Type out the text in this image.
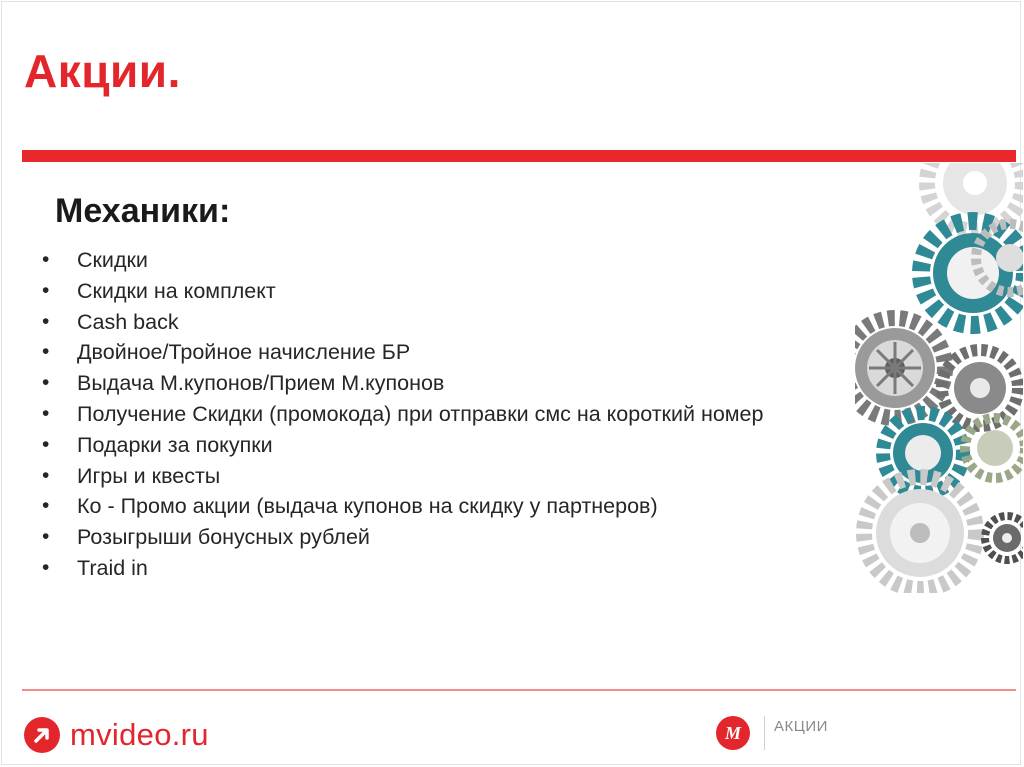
Акции.
Механики:
• Скидки
• Скидки на комплект
• Cash back
• Двойное/Тройное начисление БР
• Выдача М.купонов/Прием М.купонов
• Получение Скидки (промокода) при отправки смс на короткий номер
• Подарки за покупки
• Игры и квесты
• Ко - Промо акции (выдача купонов на скидку у партнеров)
• Розыгрыши бонусных рублей
• Traid in
mvideo.ru	M АКЦИИ
